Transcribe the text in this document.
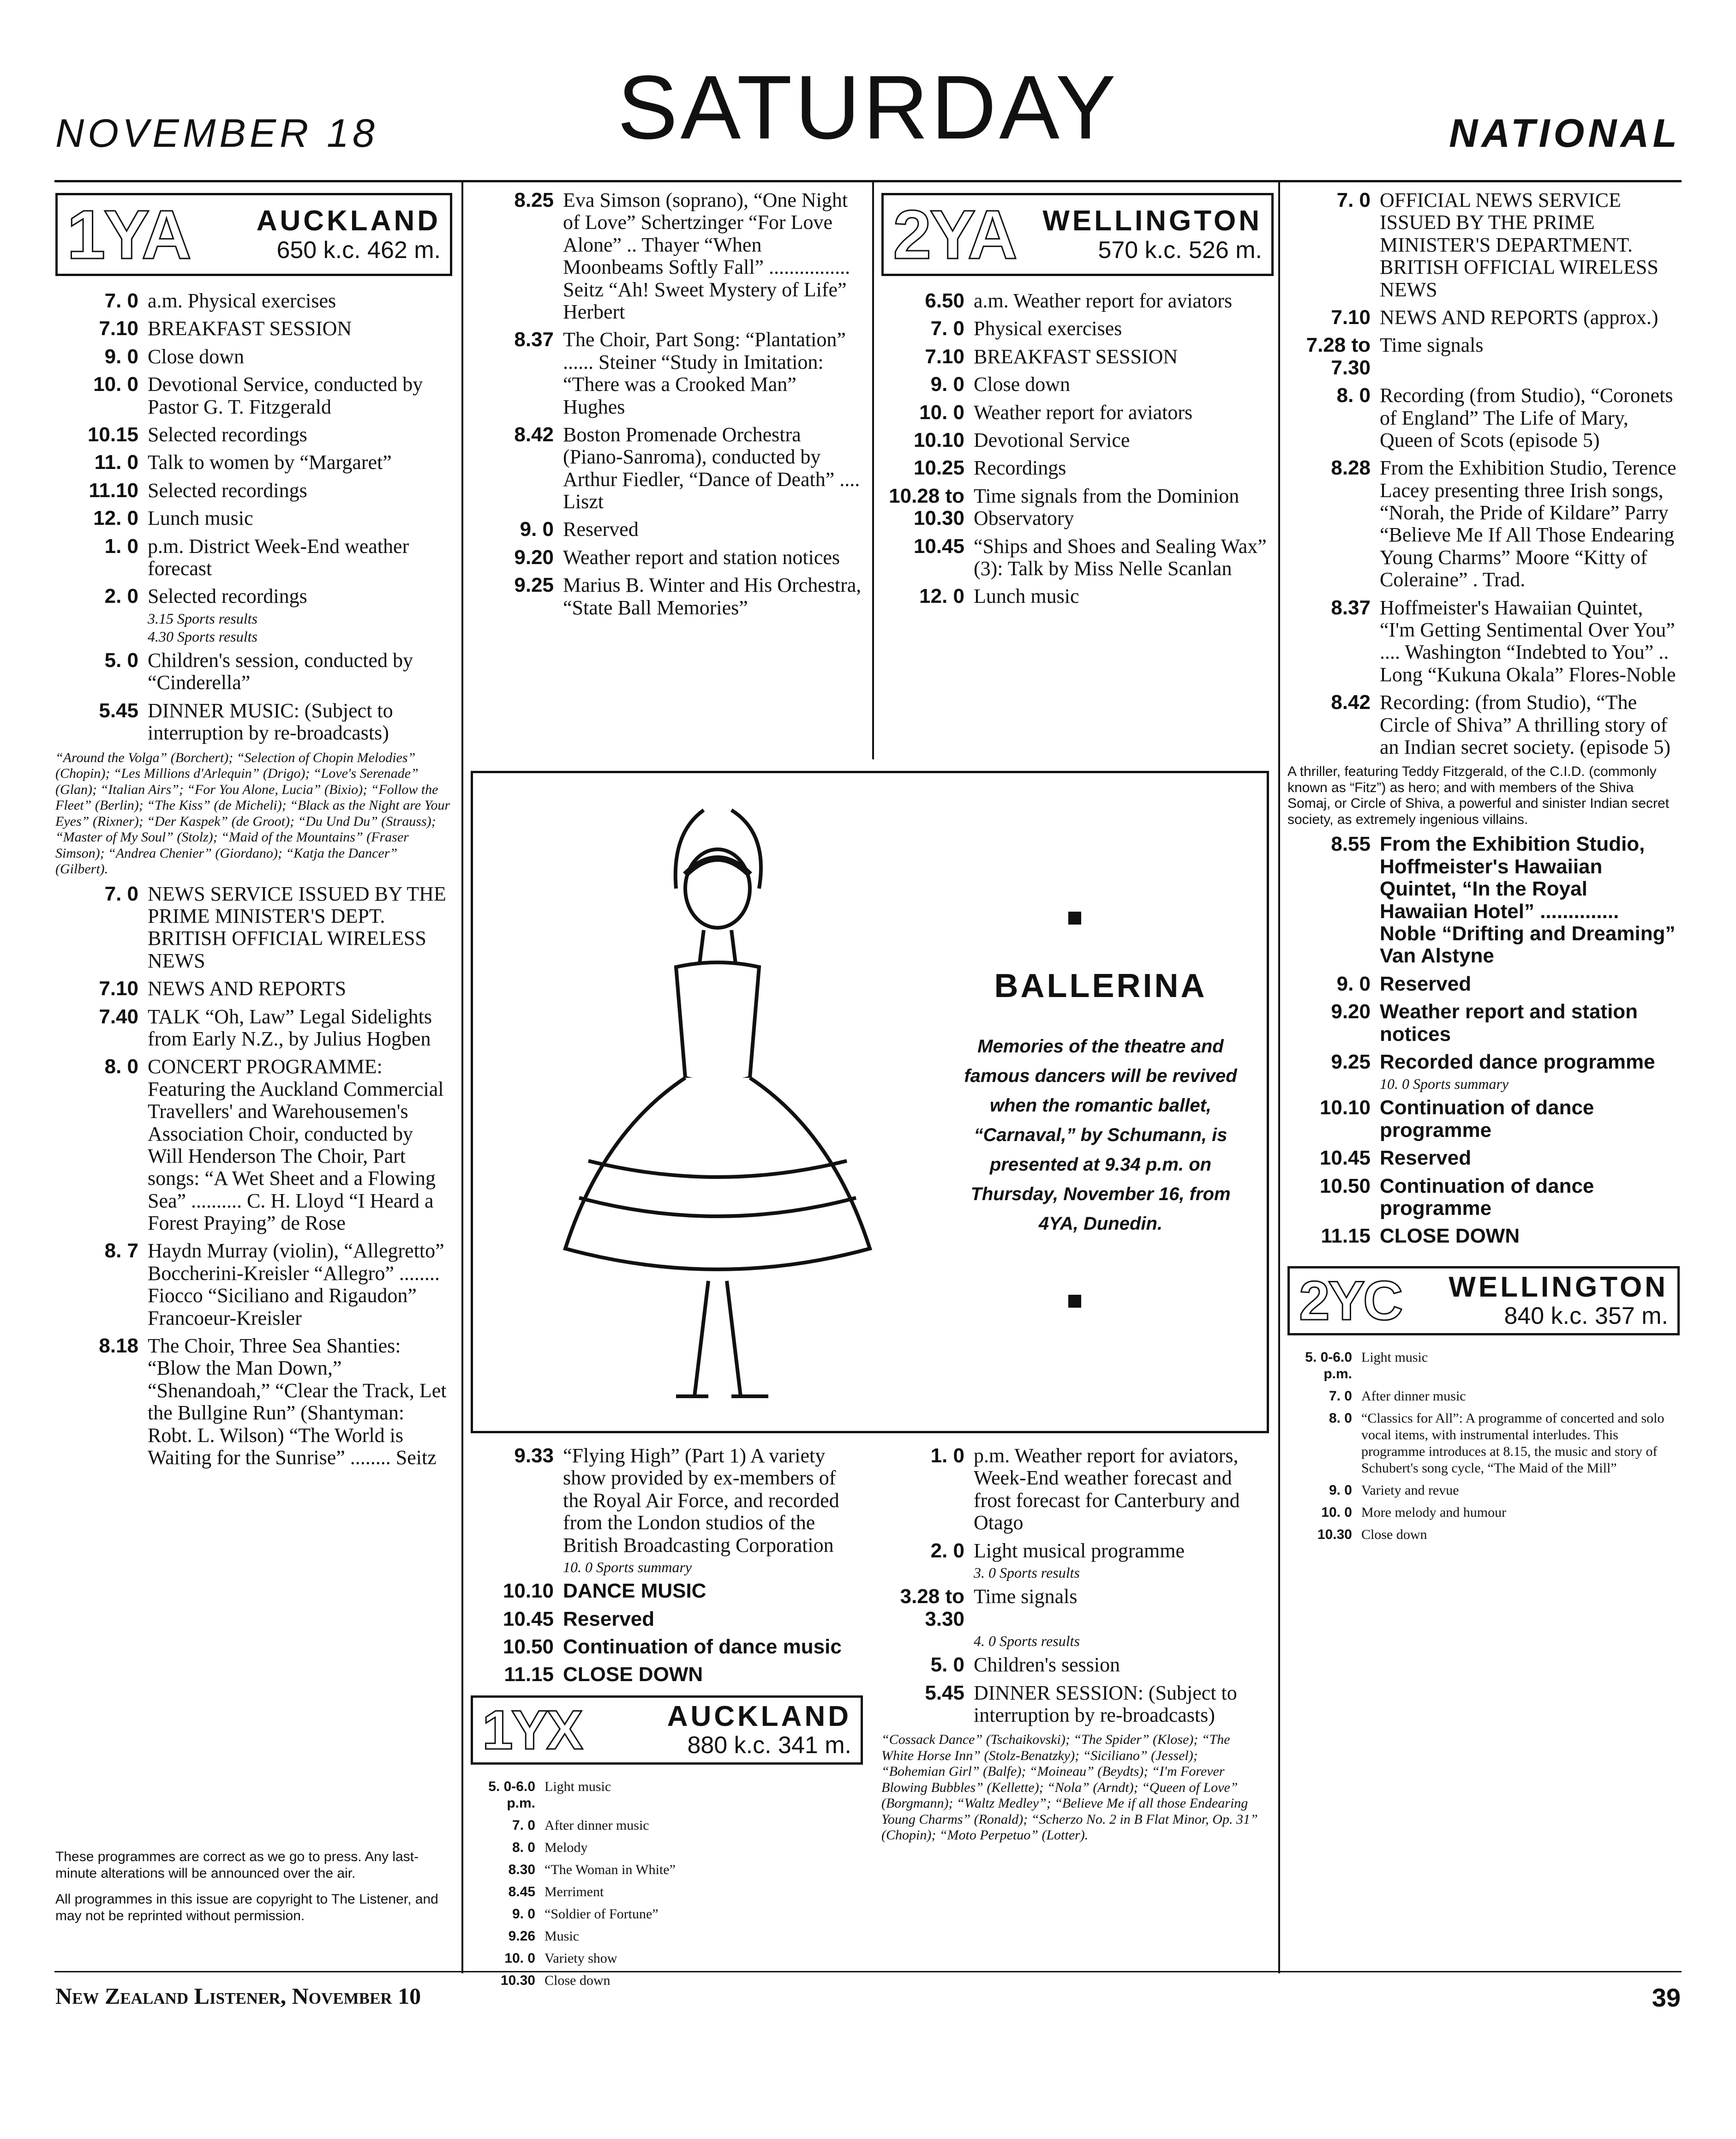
NOVEMBER 18	SATURDAY	NATIONAL
1YA	AUCKLAND
650 k.c. 462 m.
7. 0 a.m. Physical exercises
7.10 BREAKFAST SESSION
9. 0 Close down
10. 0 Devotional Service, conducted by Pastor G. T. Fitzgerald
10.15 Selected recordings
11. 0 Talk to women by “Margaret”
11.10 Selected recordings
12. 0 Lunch music
1. 0 p.m. District Week-End weather forecast
2. 0 Selected recordings
3.15 Sports results
4.30 Sports results
5. 0 Children's session, conducted by “Cinderella”
5.45 DINNER MUSIC: (Subject to interruption by re-broadcasts)
“Around the Volga” (Borchert); “Selection of Chopin Melodies” (Chopin); “Les Millions d'Arlequin” (Drigo); “Love's Serenade” (Glan); “Italian Airs”; “For You Alone, Lucia” (Bixio); “Follow the Fleet” (Berlin); “The Kiss” (de Micheli); “Black as the Night are Your Eyes” (Rixner); “Der Kaspek” (de Groot); “Du Und Du” (Strauss); “Master of My Soul” (Stolz); “Maid of the Mountains” (Fraser Simson); “Andrea Chenier” (Giordano); “Katja the Dancer” (Gilbert).
7. 0 NEWS SERVICE ISSUED BY THE PRIME MINISTER'S DEPT. BRITISH OFFICIAL WIRELESS NEWS
7.10 NEWS AND REPORTS
7.40 TALK “Oh, Law” Legal Sidelights from Early N.Z., by Julius Hogben
8. 0 CONCERT PROGRAMME: Featuring the Auckland Commercial Travellers' and Warehousemen's Association Choir, conducted by Will Henderson The Choir, Part songs: “A Wet Sheet and a Flowing Sea” .......... C. H. Lloyd “I Heard a Forest Praying” de Rose
8. 7 Haydn Murray (violin), “Allegretto” Boccherini-Kreisler “Allegro” ........ Fiocco “Siciliano and Rigaudon” Francoeur-Kreisler
8.18 The Choir, Three Sea Shanties: “Blow the Man Down,” “Shenandoah,” “Clear the Track, Let the Bullgine Run” (Shantyman: Robt. L. Wilson) “The World is Waiting for the Sunrise” ........ Seitz
These programmes are correct as we go to press. Any last-minute alterations will be announced over the air.
All programmes in this issue are copyright to The Listener, and may not be reprinted without permission.
8.25 Eva Simson (soprano), “One Night of Love” Schertzinger “For Love Alone” .. Thayer “When Moonbeams Softly Fall” ................ Seitz “Ah! Sweet Mystery of Life” Herbert
8.37 The Choir, Part Song: “Plantation” ...... Steiner “Study in Imitation: “There was a Crooked Man” Hughes
8.42 Boston Promenade Orchestra (Piano-Sanroma), conducted by Arthur Fiedler, “Dance of Death” .... Liszt
9. 0 Reserved
9.20 Weather report and station notices
9.25 Marius B. Winter and His Orchestra, “State Ball Memories”
9.33 “Flying High” (Part 1) A variety show provided by ex-members of the Royal Air Force, and recorded from the London studios of the British Broadcasting Corporation
10. 0 Sports summary
10.10 DANCE MUSIC
10.45 Reserved
10.50 Continuation of dance music
11.15 CLOSE DOWN
1YX	AUCKLAND
880 k.c. 341 m.
5. 0-6.0 p.m.
Light music
7. 0 After dinner music
8. 0 Melody
8.30 “The Woman in White”
8.45 Merriment
9. 0 “Soldier of Fortune”
9.26 Music
10. 0 Variety show
10.30 Close down
2YA WELLINGTON
570 k.c. 526 m.
6.50 a.m. Weather report for aviators
7. 0 Physical exercises
7.10 BREAKFAST SESSION
9. 0 Close down
10. 0 Weather report for aviators
10.10 Devotional Service
10.25 Recordings
10.28 to 10.30
Time signals from the Dominion Observatory
10.45 “Ships and Shoes and Sealing Wax” (3): Talk by Miss Nelle Scanlan
12. 0 Lunch music
1. 0 p.m. Weather report for aviators, Week-End weather forecast and frost forecast for Canterbury and Otago
2. 0 Light musical programme
3. 0 Sports results
3.28 to 3.30
Time signals
4. 0 Sports results
5. 0 Children's session
5.45 DINNER SESSION: (Subject to interruption by re-broadcasts)
“Cossack Dance” (Tschaikovski); “The Spider” (Klose); “The White Horse Inn” (Stolz-Benatzky); “Siciliano” (Jessel); “Bohemian Girl” (Balfe); “Moineau” (Beydts); “I'm Forever Blowing Bubbles” (Kellette); “Nola” (Arndt); “Queen of Love” (Borgmann); “Waltz Medley”; “Believe Me if all those Endearing Young Charms” (Ronald); “Scherzo No. 2 in B Flat Minor, Op. 31” (Chopin); “Moto Perpetuo” (Lotter).
7. 0 OFFICIAL NEWS SERVICE ISSUED BY THE PRIME MINISTER'S DEPARTMENT. BRITISH OFFICIAL WIRELESS NEWS
7.10 NEWS AND REPORTS (approx.)
7.28 to 7.30
Time signals
8. 0 Recording (from Studio), “Coronets of England” The Life of Mary, Queen of Scots (episode 5)
8.28 From the Exhibition Studio, Terence Lacey presenting three Irish songs, “Norah, the Pride of Kildare” Parry “Believe Me If All Those Endearing Young Charms” Moore “Kitty of Coleraine” . Trad.
8.37 Hoffmeister's Hawaiian Quintet, “I'm Getting Sentimental Over You” .... Washington “Indebted to You” .. Long “Kukuna Okala” Flores-Noble
8.42 Recording: (from Studio), “The Circle of Shiva” A thrilling story of an Indian secret society. (episode 5)
A thriller, featuring Teddy Fitzgerald, of the C.I.D. (commonly known as “Fitz”) as hero; and with members of the Shiva Somaj, or Circle of Shiva, a powerful and sinister Indian secret society, as extremely ingenious villains.
8.55 From the Exhibition Studio, Hoffmeister's Hawaiian Quintet, “In the Royal Hawaiian Hotel” .............. Noble “Drifting and Dreaming” Van Alstyne
9. 0 Reserved
9.20 Weather report and station notices
9.25 Recorded dance programme
10. 0 Sports summary
10.10 Continuation of dance programme
10.45 Reserved
10.50 Continuation of dance programme
11.15 CLOSE DOWN
2YC	WELLINGTON
840 k.c. 357 m.
5. 0-6.0 p.m.
Light music
7. 0 After dinner music
8. 0 “Classics for All”: A programme of concerted and solo vocal items, with instrumental interludes. This programme introduces at 8.15, the music and story of Schubert's song cycle, “The Maid of the Mill”
9. 0 Variety and revue
10. 0 More melody and humour
10.30 Close down
BALLERINA
Memories of the theatre and famous dancers will be revived when the romantic ballet, “Carnaval,” by Schumann, is presented at 9.34 p.m. on Thursday, November 16, from 4YA, Dunedin.
New Zealand Listener, November 10	39
